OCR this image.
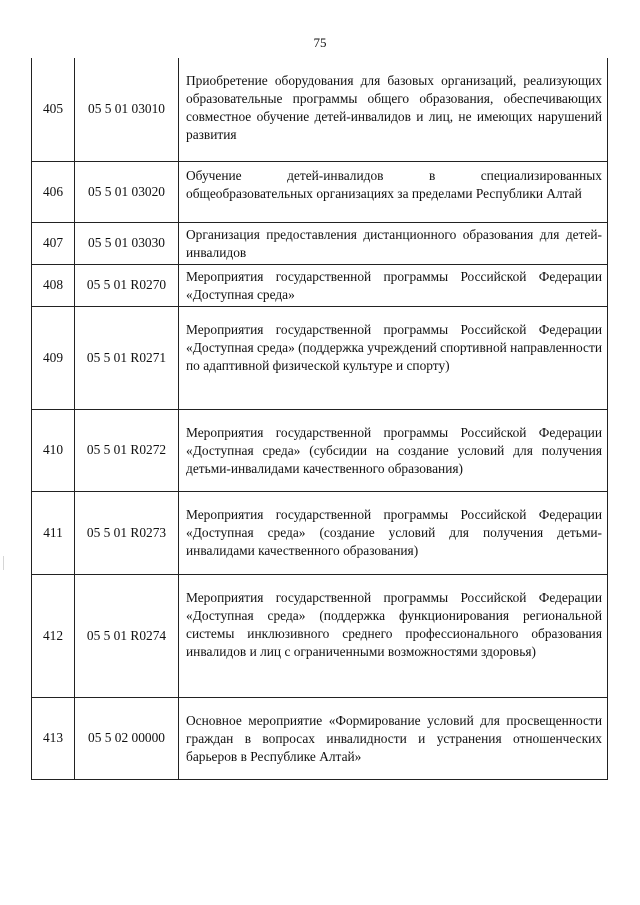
75
405	05 5 01 03010	Приобретение оборудования для базовых организаций, реализующих образовательные программы общего образования, обеспечивающих совместное обучение детей-инвалидов и лиц, не имеющих нарушений развития

406	05 5 01 03020	Обучение детей-инвалидов в специализированных общеобразовательных организациях за пределами Республики Алтай

407	05 5 01 03030	Организация предоставления дистанционного образования для детей-инвалидов

408	05 5 01 R0270	Мероприятия государственной программы Российской Федерации «Доступная среда»

409	05 5 01 R0271	Мероприятия государственной программы Российской Федерации «Доступная среда» (поддержка учреждений спортивной направленности по адаптивной физической культуре и спорту)

410	05 5 01 R0272	Мероприятия государственной программы Российской Федерации «Доступная среда» (субсидии на создание условий для получения детьми-инвалидами качественного образования)

411	05 5 01 R0273	Мероприятия государственной программы Российской Федерации «Доступная среда» (создание условий для получения детьми-инвалидами качественного образования)

412	05 5 01 R0274	Мероприятия государственной программы Российской Федерации «Доступная среда» (поддержка функционирования региональной системы инклюзивного среднего профессионального образования инвалидов и лиц с ограниченными возможностями здоровья)

413	05 5 02 00000	Основное мероприятие «Формирование условий для просвещенности граждан в вопросах инвалидности и устранения отношенческих барьеров в Республике Алтай»
